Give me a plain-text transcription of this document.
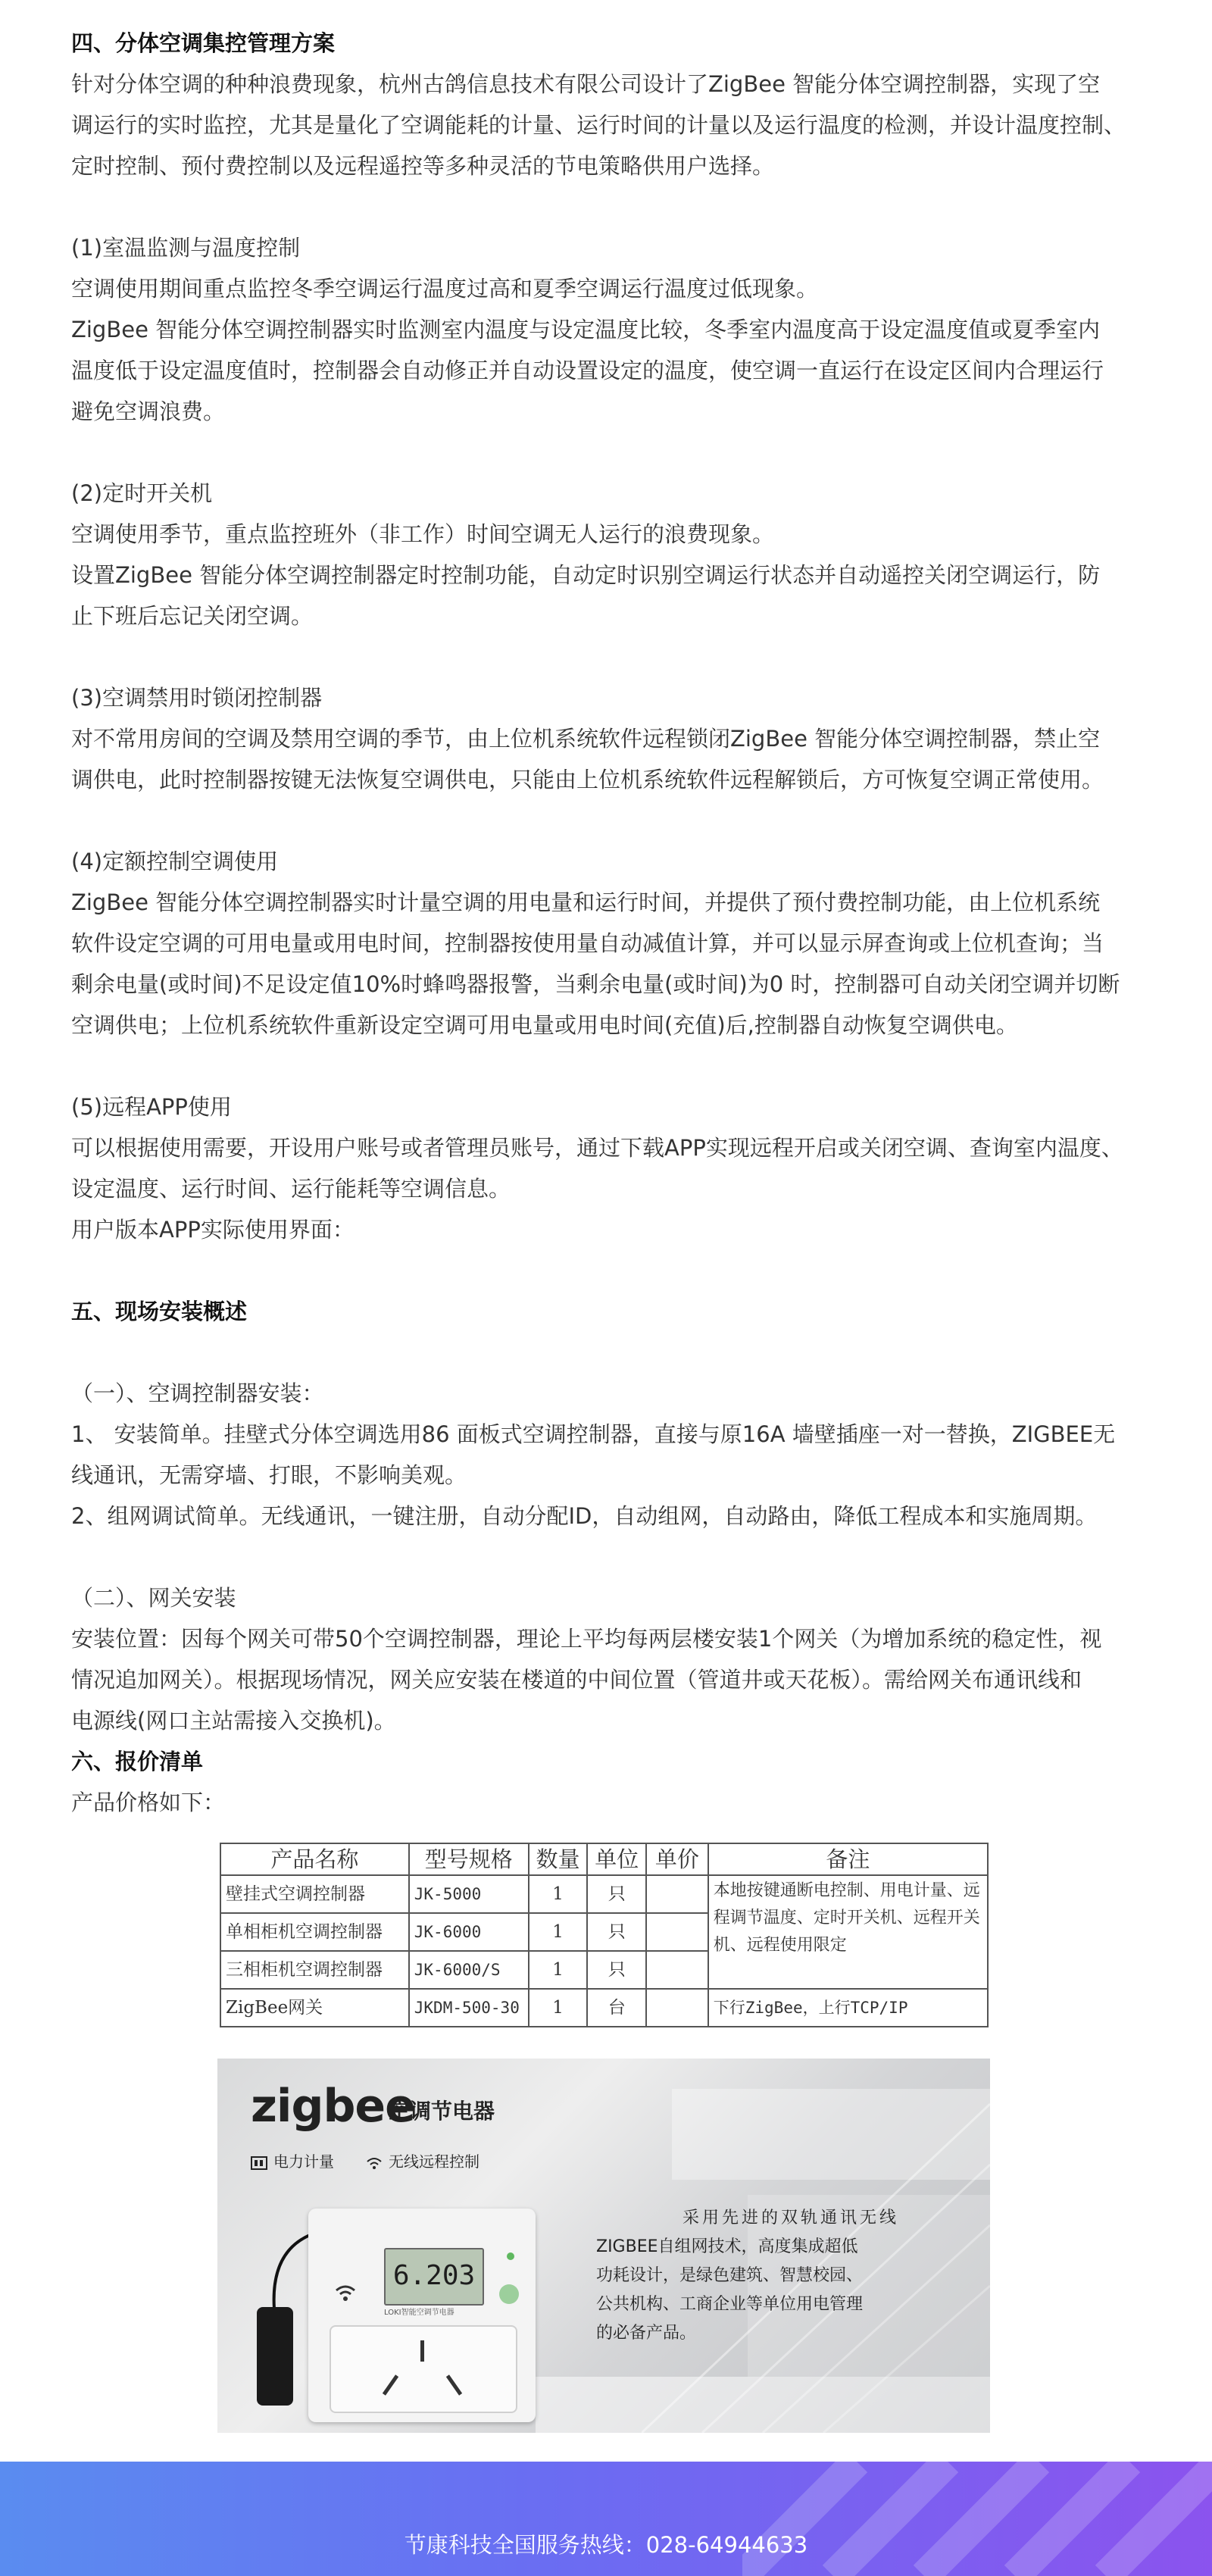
四、分体空调集控管理方案

针对分体空调的种种浪费现象，杭州古鸽信息技术有限公司设计了ZigBee 智能分体空调控制器，实现了空

调运行的实时监控，尤其是量化了空调能耗的计量、运行时间的计量以及运行温度的检测，并设计温度控制、

定时控制、预付费控制以及远程遥控等多种灵活的节电策略供用户选择。

(1)室温监测与温度控制

空调使用期间重点监控冬季空调运行温度过高和夏季空调运行温度过低现象。

ZigBee 智能分体空调控制器实时监测室内温度与设定温度比较，冬季室内温度高于设定温度值或夏季室内

温度低于设定温度值时，控制器会自动修正并自动设置设定的温度，使空调一直运行在设定区间内合理运行

避免空调浪费。

(2)定时开关机

空调使用季节，重点监控班外（非工作）时间空调无人运行的浪费现象。

设置ZigBee 智能分体空调控制器定时控制功能，自动定时识别空调运行状态并自动遥控关闭空调运行，防

止下班后忘记关闭空调。

(3)空调禁用时锁闭控制器

对不常用房间的空调及禁用空调的季节，由上位机系统软件远程锁闭ZigBee 智能分体空调控制器，禁止空

调供电，此时控制器按键无法恢复空调供电，只能由上位机系统软件远程解锁后，方可恢复空调正常使用。

(4)定额控制空调使用

ZigBee 智能分体空调控制器实时计量空调的用电量和运行时间，并提供了预付费控制功能，由上位机系统

软件设定空调的可用电量或用电时间，控制器按使用量自动减值计算，并可以显示屏查询或上位机查询；当

剩余电量(或时间)不足设定值10%时蜂鸣器报警，当剩余电量(或时间)为0 时，控制器可自动关闭空调并切断

空调供电；上位机系统软件重新设定空调可用电量或用电时间(充值)后,控制器自动恢复空调供电。

(5)远程APP使用

可以根据使用需要，开设用户账号或者管理员账号，通过下载APP实现远程开启或关闭空调、查询室内温度、

设定温度、运行时间、运行能耗等空调信息。

用户版本APP实际使用界面：

五、现场安装概述

（一）、空调控制器安装：

1、 安装简单。挂壁式分体空调选用86 面板式空调控制器，直接与原16A 墙壁插座一对一替换，ZIGBEE无

线通讯，无需穿墙、打眼，不影响美观。

2、组网调试简单。无线通讯，一键注册，自动分配ID，自动组网，自动路由，降低工程成本和实施周期。

（二）、网关安装

安装位置：因每个网关可带50个空调控制器，理论上平均每两层楼安装1个网关（为增加系统的稳定性，视

情况追加网关）。根据现场情况，网关应安装在楼道的中间位置（管道井或天花板）。需给网关布通讯线和

电源线(网口主站需接入交换机)。

六、报价清单

产品价格如下：

产品名称	型号规格	数量	单位	单价	备注
壁挂式空调控制器	JK-5000	1	只		本地按键通断电控制、用电计量、远程调节温度、定时开关机、远程开关机、远程使用限定
单相柜机空调控制器	JK-6000	1	只		
三相柜机空调控制器	JK-6000/S	1	只		
ZigBee网关	JKDM-500-30	1	台		下行ZigBee，上行TCP/IP
zigbee
空调节电器
电力计量	无线远程控制
6.203
LOKI智能空调节电器
采用先进的双轨通讯无线
ZIGBEE自组网技术，高度集成超低
功耗设计，是绿色建筑、智慧校园、
公共机构、工商企业等单位用电管理
的必备产品。
节康科技全国服务热线：028-64944633
